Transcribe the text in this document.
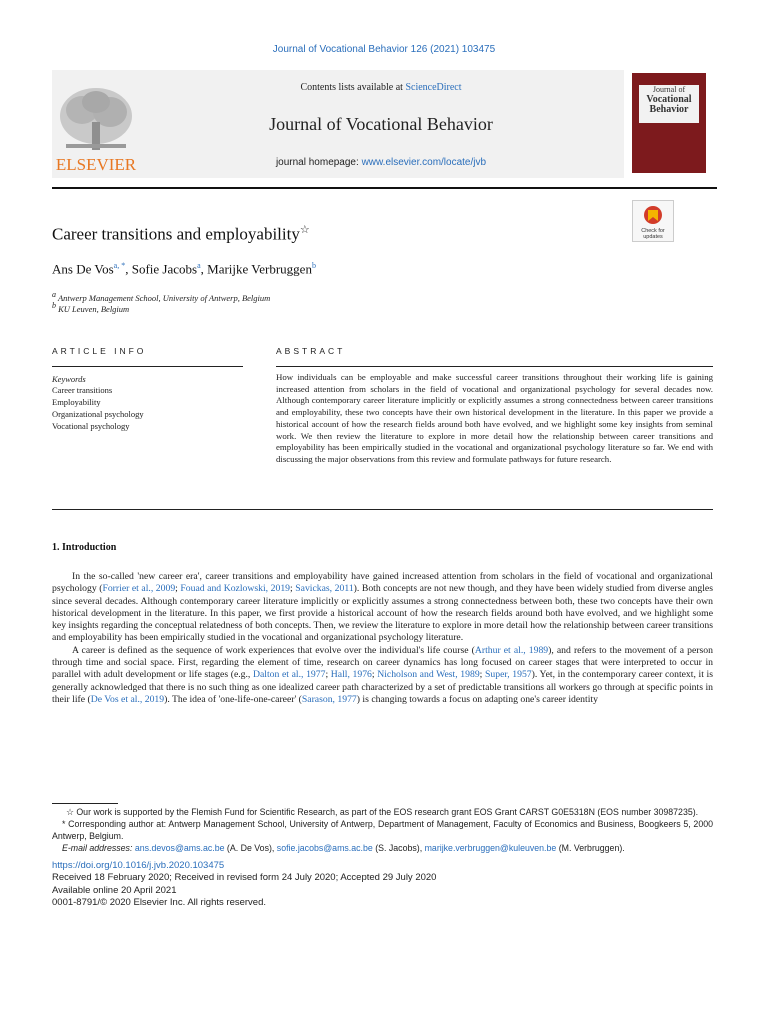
Journal of Vocational Behavior 126 (2021) 103475
ELSEVIER
Contents lists available at ScienceDirect
Journal of Vocational Behavior
journal homepage: www.elsevier.com/locate/jvb
Journal of
Vocational Behavior
Check for
updates
Career transitions and employability☆
Ans De Vos$^{a, *}$, Sofie Jacobs$^a$, Marijke Verbruggen$^b$
a Antwerp Management School, University of Antwerp, Belgium
b KU Leuven, Belgium
ARTICLE INFO	ABSTRACT
Keywords
Career transitions
Employability
Organizational psychology
Vocational psychology
How individuals can be employable and make successful career transitions throughout their working life is gaining increased attention from scholars in the field of vocational and organizational psychology for several decades now. Although contemporary career literature implicitly or explicitly assumes a strong connectedness between career transitions and employability, these two concepts have their own historical development in the literature. In this paper we provide a historical account of how the research fields around both have evolved, and we highlight some key insights from seminal work. We then review the literature to explore in more detail how the relationship between career transitions and employability has been empirically studied in the vocational and organizational psychology literature so far. We end with discussing the major observations from this review and formulate pathways for future research.
1. Introduction

In the so-called 'new career era', career transitions and employability have gained increased attention from scholars in the field of vocational and organizational psychology (Forrier et al., 2009; Fouad and Kozlowski, 2019; Savickas, 2011). Both concepts are not new though, and they have been widely studied from diverse angles since several decades. Although contemporary career literature implicitly or explicitly assumes a strong connectedness between both, these two concepts have their own historical development in the literature. In this paper, we first provide a historical account of how the research fields around both have evolved, and we highlight some key insights regarding the conceptual relatedness of both concepts. Then, we review the literature to explore in more detail how the relationship between career transitions and employability has been empirically studied in the vocational and organizational psychology literature.

A career is defined as the sequence of work experiences that evolve over the individual's life course (Arthur et al., 1989), and refers to the movement of a person through time and social space. First, regarding the element of time, research on career dynamics has long focused on career stages that were interpreted to occur in parallel with adult development or life stages (e.g., Dalton et al., 1977; Hall, 1976; Nicholson and West, 1989; Super, 1957). Yet, in the contemporary career context, it is generally acknowledged that there is no such thing as one idealized career path characterized by a set of predictable transitions all workers go through at specific points in their life (De Vos et al., 2019). The idea of 'one-life-one-career' (Sarason, 1977) is changing towards a focus on adapting one's career identity

☆ Our work is supported by the Flemish Fund for Scientific Research, as part of the EOS research grant EOS Grant CARST G0E5318N (EOS number 30987235).

* Corresponding author at: Antwerp Management School, University of Antwerp, Department of Management, Faculty of Economics and Business, Boogkeers 5, 2000 Antwerp, Belgium.

E-mail addresses: ans.devos@ams.ac.be (A. De Vos), sofie.jacobs@ams.ac.be (S. Jacobs), marijke.verbruggen@kuleuven.be (M. Verbruggen).

https://doi.org/10.1016/j.jvb.2020.103475
Received 18 February 2020; Received in revised form 24 July 2020; Accepted 29 July 2020
Available online 20 April 2021
0001-8791/© 2020 Elsevier Inc. All rights reserved.
